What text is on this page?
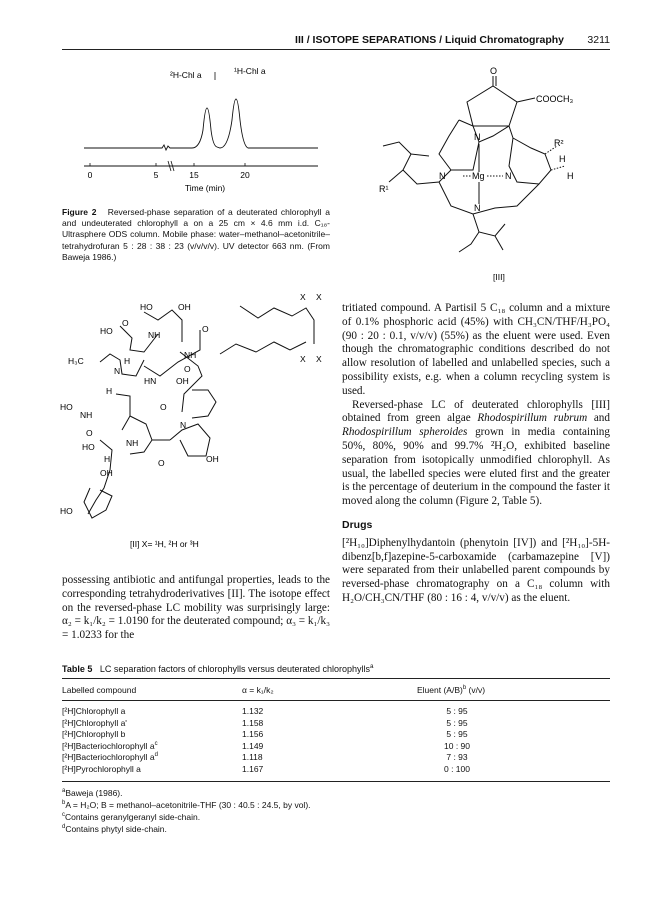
III / ISOTOPE SEPARATIONS / Liquid Chromatography 3211
²H-Chl a	¹H-Chl a
0	5	15	20
Time (min)
Figure 2 Reversed-phase separation of a deuterated chlorophyll a and undeuterated chlorophyll a on a 25 cm × 4.6 mm i.d. C₁₈-Ultrasphere ODS column. Mobile phase: water–methanol–acetonitrile–tetrahydrofuran 5 : 28 : 38 : 23 (v/v/v/v). UV detector 663 nm. (From Baweja 1986.)
O
COOCH₃
N
R²
H
N	Mg N	H
R¹
N
[III]
HO	OH
HO	NH
O
O
H₃C	H
N
NH
O
HN OH
H
O
HO
NH
O
N
HO	NH
H
OH
O	OH
HO
X X
X X
[II] X= ¹H, ²H or ³H

possessing antibiotic and antifungal properties, leads to the corresponding tetrahydroderivatives [II]. The isotope effect on the reversed-phase LC mobility was surprisingly large: α₂ = k₁/k₂ = 1.0190 for the deuterated compound; α₃ = k₁/k₃ = 1.0233 for the

tritiated compound. A Partisil 5 C₁₈ column and a mixture of 0.1% phosphoric acid (45%) with CH₃CN/THF/H₃PO₄ (90 : 20 : 0.1, v/v/v) (55%) as the eluent were used. Even though the chromatographic conditions described do not allow resolution of labelled and unlabelled species, such a possibility exists, e.g. when a column recycling system is used.

Reversed-phase LC of deuterated chlorophylls [III] obtained from green algae Rhodospirillum rubrum and Rhodospirillum spheroides grown in media containing 50%, 80%, 90% and 99.7% ²H₂O, exhibited baseline separation from isotopically unmodified chlorophyll. As usual, the labelled species were eluted first and the greater is the percentage of deuterium in the compound the faster it moved along the column (Figure 2, Table 5).

Drugs

[²H₁₀]Diphenylhydantoin (phenytoin [IV]) and [²H₁₀]-5H-dibenz[b,f]azepine-5-carboxamide (carbamazepine [V]) were separated from their unlabelled parent compounds by reversed-phase chromatography on a C₁₈ column with H₂O/CH₃CN/THF (80 : 16 : 4, v/v/v) as the eluent.

Table 5 LC separation factors of chlorophylls versus deuterated chlorophylls$^a$
Labelled compound	α = k₁/k₂	Eluent $(A/B)^b$ (v/v)
[²H]Chlorophyll a	1.132	5 : 95
[²H]Chlorophyll a'	1.158	5 : 95
[²H]Chlorophyll b	1.156	5 : 95
[²H]Bacteriochlorophyll $a^c$	1.149	10 : 90
[²H]Bacteriochlorophyll $a^d$	1.118	7 : 93
[²H]Pyrochlorophyll a	1.167	0 : 100
$^a$Baweja (1986).
$^b$A = H₂O; B = methanol–acetonitrile-THF (30 : 40.5 : 24.5, by vol).
$^c$Contains geranylgeranyl side-chain.
$^d$Contains phytyl side-chain.
